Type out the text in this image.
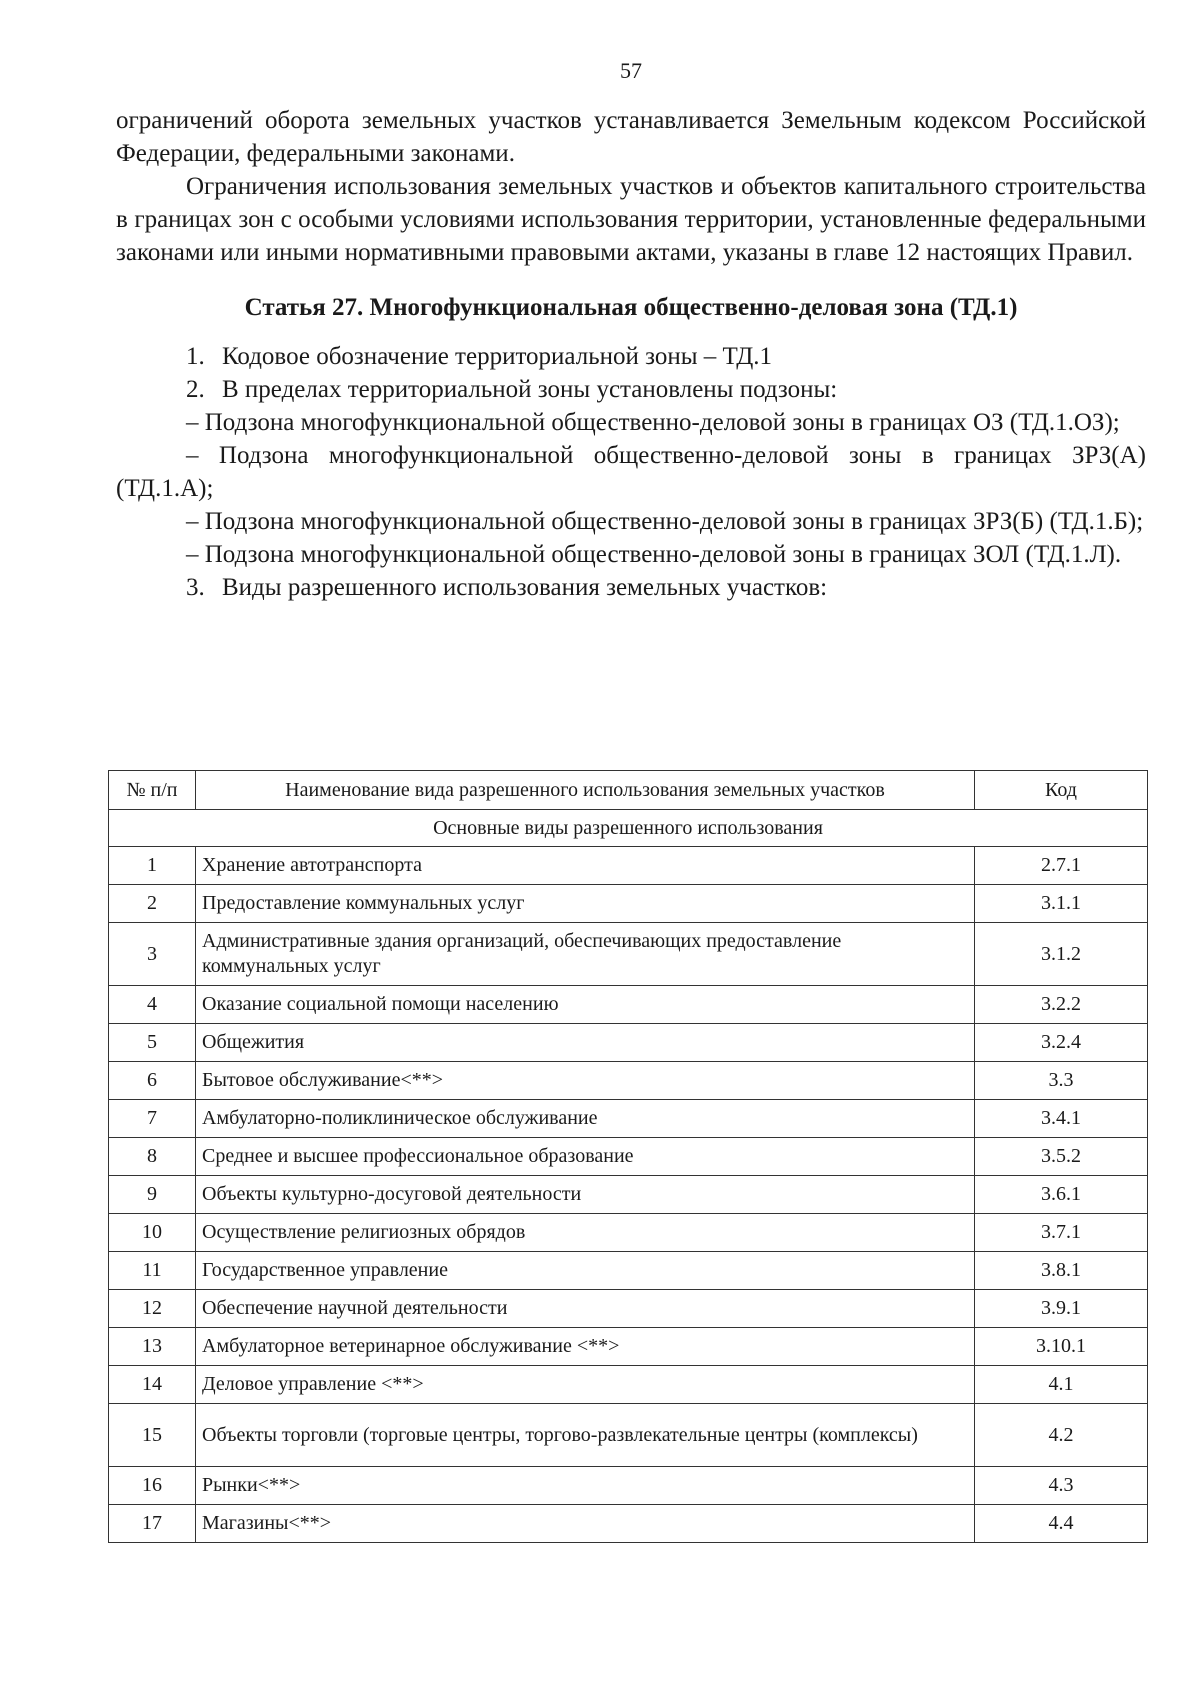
57

ограничений оборота земельных участков устанавливается Земельным кодексом Российской Федерации, федеральными законами.

Ограничения использования земельных участков и объектов капитального строительства в границах зон с особыми условиями использования территории, установленные федеральными законами или иными нормативными правовыми актами, указаны в главе 12 настоящих Правил.

Статья 27. Многофункциональная общественно-деловая зона (ТД.1)

1. Кодовое обозначение территориальной зоны – ТД.1

2. В пределах территориальной зоны установлены подзоны:

– Подзона многофункциональной общественно-деловой зоны в границах ОЗ (ТД.1.ОЗ);

– Подзона многофункциональной общественно-деловой зоны в границах ЗРЗ(А) (ТД.1.А);

– Подзона многофункциональной общественно-деловой зоны в границах ЗРЗ(Б) (ТД.1.Б);

– Подзона многофункциональной общественно-деловой зоны в границах ЗОЛ (ТД.1.Л).

3. Виды разрешенного использования земельных участков:

№ п/п	Наименование вида разрешенного использования земельных участков	Код
Основные виды разрешенного использования		
1	Хранение автотранспорта	2.7.1
2	Предоставление коммунальных услуг	3.1.1
3	Административные здания организаций, обеспечивающих предоставление коммунальных услуг	3.1.2
4	Оказание социальной помощи населению	3.2.2
5	Общежития	3.2.4
6	Бытовое обслуживание<**>	3.3
7	Амбулаторно-поликлиническое обслуживание	3.4.1
8	Среднее и высшее профессиональное образование	3.5.2
9	Объекты культурно-досуговой деятельности	3.6.1
10	Осуществление религиозных обрядов	3.7.1
11	Государственное управление	3.8.1
12	Обеспечение научной деятельности	3.9.1
13	Амбулаторное ветеринарное обслуживание <**>	3.10.1
14	Деловое управление <**>	4.1
15	Объекты торговли (торговые центры, торгово-развлекательные центры (комплексы)	4.2
16	Рынки<**>	4.3
17	Магазины<**>	4.4
